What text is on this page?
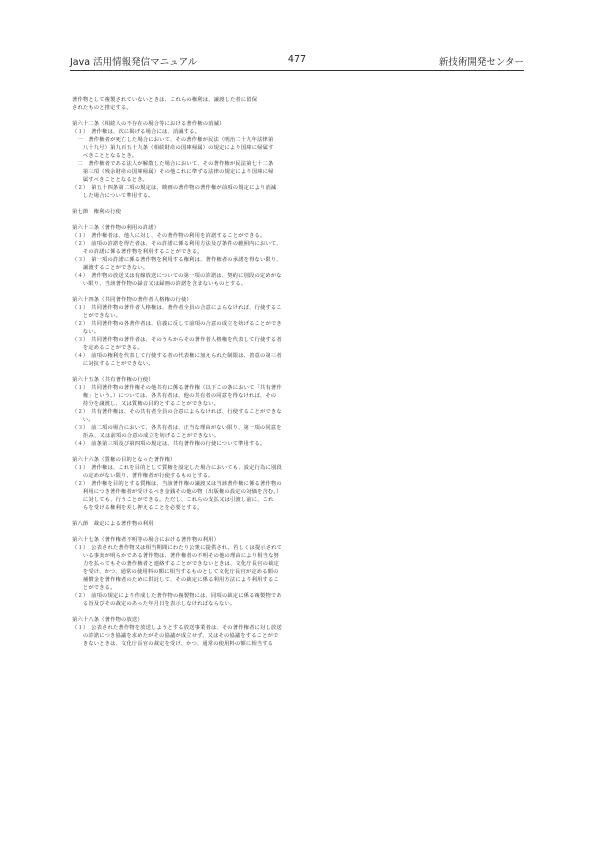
Java 活用情報発信マニュアル	477	新技術開発センター
著作物として複製されていないときは、これらの権利は、譲渡した者に留保
されたものと推定する。
第六十二条（相続人の不存在の場合等における著作権の消滅）
（１）　著作権は、次に掲げる場合には、消滅する。
　一　著作権者が死亡した場合において、その著作権が民法（明治二十九年法律第
　　八十九号）第九百五十九条（相続財産の国庫帰属）の規定により国庫に帰属す
　　べきこととなるとき。
　二　著作権者である法人が解散した場合において、その著作権が民法第七十二条
　　第三項（残余財産の国庫帰属）その他これに準ずる法律の規定により国庫に帰
　　属すべきこととなるとき。
（２）　第五十四条第二項の規定は、映画の著作物の著作権が前項の規定により消滅
　　した場合について準用する。
第七節　権利の行使
第六十三条（著作物の利用の許諾）
（１）　著作権者は、他人に対し、その著作物の利用を許諾することができる。
（２）　前項の許諾を得た者は、その許諾に係る利用方法及び条件の範囲内において、
　　その許諾に係る著作物を利用することができる。
（３）　第一項の許諾に係る著作物を利用する権利は、著作権者の承諾を得ない限り、
　　譲渡することができない。
（４）　著作物の放送又は有線放送についての第一項の許諾は、契約に別段の定めがな
　　い限り、当該著作物の録音又は録画の許諾を含まないものとする。
第六十四条（共同著作物の著作者人格権の行使）
（１）　共同著作物の著作者人格権は、著作者全員の合意によらなければ、行使するこ
　　とができない。
（２）　共同著作物の各著作者は、信義に反して前項の合意の成立を妨げることができ
　　ない。
（３）　共同著作物の著作者は、そのうちからその著作者人格権を代表して行使する者
　　を定めることができる。
（４）　前項の権利を代表して行使する者の代表権に加えられた制限は、善意の第三者
　　に対抗することができない。
第六十五条（共有著作権の行使）
（１）　共同著作物の著作権その他共有に係る著作権（以下この条において「共有著作
　　権」という。）については、各共有者は、他の共有者の同意を得なければ、その
　　持分を譲渡し、又は質権の目的とすることができない。
（２）　共有著作権は、その共有者全員の合意によらなければ、行使することができな
　　い。
（３）　前二項の場合において、各共有者は、正当な理由がない限り、第一項の同意を
　　拒み、又は前項の合意の成立を妨げることができない。
（４）　前条第三項及び第四項の規定は、共有著作権の行使について準用する。
第六十六条（質権の目的となった著作権）
（１）　著作権は、これを目的として質権を設定した場合においても、設定行為に別段
　　の定めがない限り、著作権者が行使するものとする。
（２）　著作権を目的とする質権は、当該著作権の譲渡又は当該著作権に係る著作物の
　　利用につき著作権者が受けるべき金銭その他の物（出版権の設定の対価を含む。）
　　に対しても、行うことができる。ただし、これらの支払又は引渡し前に、これ
　　らを受ける権利を差し押えることを必要とする。
第八節　裁定による著作物の利用
第六十七条（著作権者不明等の場合における著作物の利用）
（１）　公表された著作物又は相当期間にわたり公衆に提供され、若しくは提示されて
　　いる事実が明らかである著作物は、著作権者の不明その他の理由により相当な努
　　力を払ってもその著作権者と連絡することができないときは、文化庁長官の裁定
　　を受け、かつ、通常の使用料の額に相当するものとして文化庁長官が定める額の
　　補償金を著作権者のために供託して、その裁定に係る利用方法により利用するこ
　　とができる。
（２）　前項の規定により作成した著作物の複製物には、同項の裁定に係る複製物であ
　　る旨及びその裁定のあった年月日を表示しなければならない。
第六十八条（著作物の放送）
（１）　公表された著作物を放送しようとする放送事業者は、その著作権者に対し放送
　　の許諾につき協議を求めたがその協議が成立せず、又はその協議をすることがで
　　きないときは、文化庁長官の裁定を受け、かつ、通常の使用料の額に相当する
